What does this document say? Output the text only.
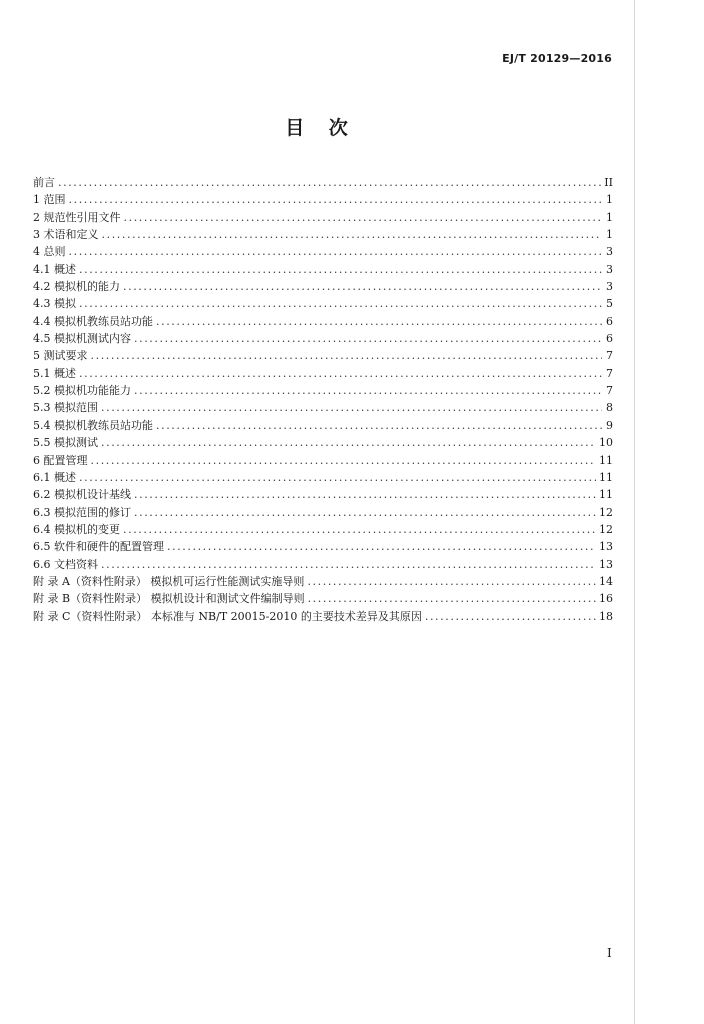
EJ/T 20129—2016
目 次
前言 .....	II
1 范围 .....	1
2 规范性引用文件 .....	1
3 术语和定义 .....	1
4 总则 .....	3
4.1 概述 .....	3
4.2 模拟机的能力 .....	3
4.3 模拟 .....	5
4.4 模拟机教练员站功能 .....	6
4.5 模拟机测试内容 .....	6
5 测试要求 .....	7
5.1 概述 .....	7
5.2 模拟机功能能力 .....	7
5.3 模拟范围 .....	8
5.4 模拟机教练员站功能 .....	9
5.5 模拟测试 .....	10
6 配置管理 .....	11
6.1 概述 .....	11
6.2 模拟机设计基线 .....	11
6.3 模拟范围的修订 .....	12
6.4 模拟机的变更 .....	12
6.5 软件和硬件的配置管理 .....	13
6.6 文档资料 .....	13
附 录 A（资料性附录） 模拟机可运行性能测试实施导则 .....	14
附 录 B（资料性附录） 模拟机设计和测试文件编制导则 .....	16
附 录 C（资料性附录） 本标准与 NB/T 20015-2010 的主要技术差异及其原因 .....	18
I
